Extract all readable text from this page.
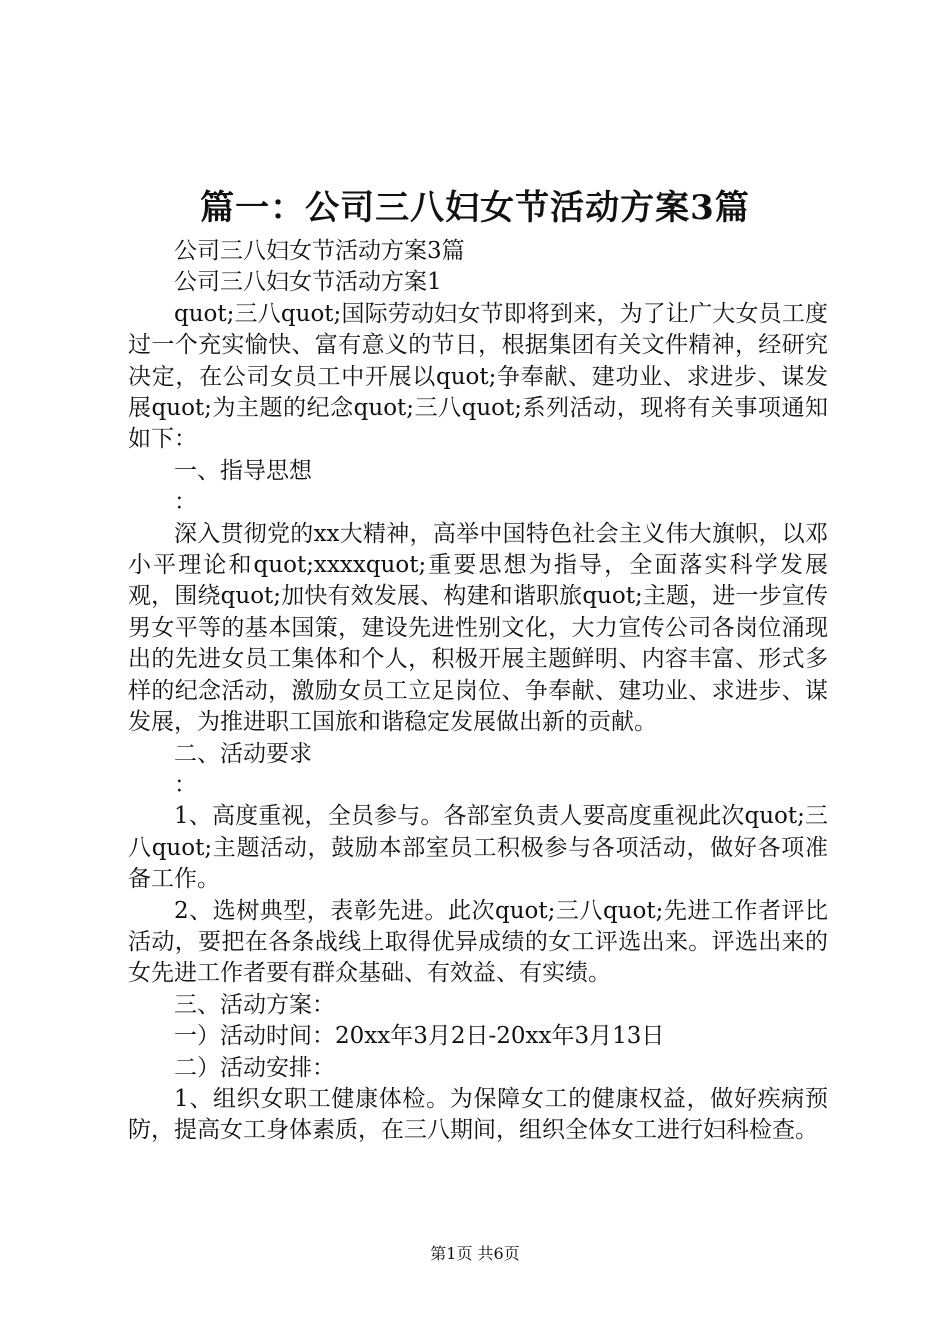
篇一：公司三八妇女节活动方案3篇

公司三八妇女节活动方案3篇

公司三八妇女节活动方案1

quot;三八quot;国际劳动妇女节即将到来，为了让广大女员工度过一个充实愉快、富有意义的节日，根据集团有关文件精神，经研究决定，在公司女员工中开展以quot;争奉献、建功业、求进步、谋发展quot;为主题的纪念quot;三八quot;系列活动，现将有关事项通知如下：

一、指导思想

：

深入贯彻党的xx大精神，高举中国特色社会主义伟大旗帜，以邓小平理论和quot;xxxxquot;重要思想为指导，全面落实科学发展观，围绕quot;加快有效发展、构建和谐职旅quot;主题，进一步宣传男女平等的基本国策，建设先进性别文化，大力宣传公司各岗位涌现出的先进女员工集体和个人，积极开展主题鲜明、内容丰富、形式多样的纪念活动，激励女员工立足岗位、争奉献、建功业、求进步、谋发展，为推进职工国旅和谐稳定发展做出新的贡献。

二、活动要求

：

1、高度重视，全员参与。各部室负责人要高度重视此次quot;三八quot;主题活动，鼓励本部室员工积极参与各项活动，做好各项准备工作。

2、选树典型，表彰先进。此次quot;三八quot;先进工作者评比活动，要把在各条战线上取得优异成绩的女工评选出来。评选出来的女先进工作者要有群众基础、有效益、有实绩。

三、活动方案：

一）活动时间：20xx年3月2日-20xx年3月13日

二）活动安排：

1、组织女职工健康体检。为保障女工的健康权益，做好疾病预防，提高女工身体素质，在三八期间，组织全体女工进行妇科检查。

第1页 共6页
